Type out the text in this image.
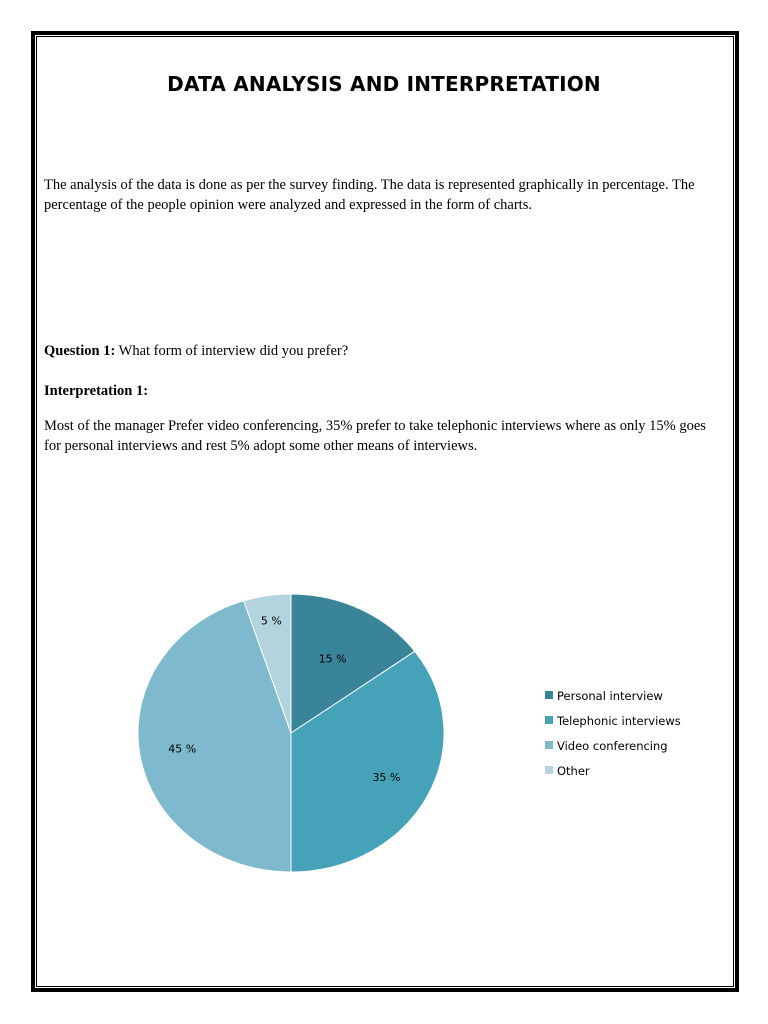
DATA ANALYSIS AND INTERPRETATION
The analysis of the data is done as per the survey finding. The data is represented graphically in percentage. The percentage of the people opinion were analyzed and expressed in the form of charts.
Question 1: What form of interview did you prefer?
Interpretation 1:
Most of the manager Prefer video conferencing, 35% prefer to take telephonic interviews where as only 15% goes for personal interviews and rest 5% adopt some other means of interviews.
15 %
35 %
45 %
5 %
Personal interview
Telephonic interviews
Video conferencing
Other
